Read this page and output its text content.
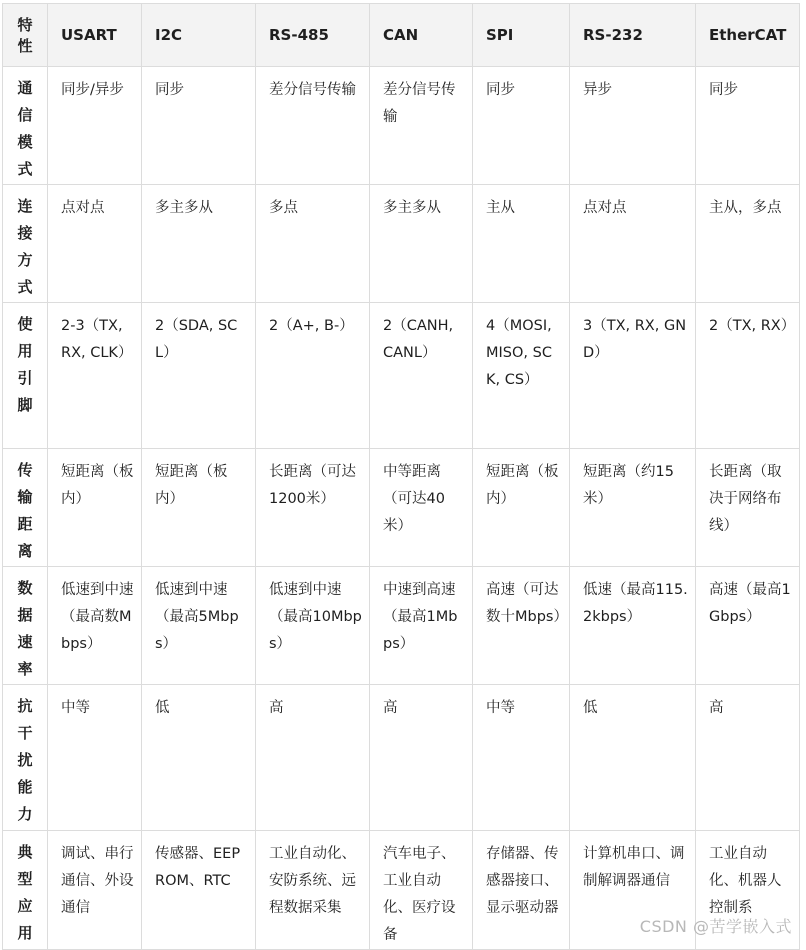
特
性	USART	I2C	RS-485	CAN	SPI	RS-232	EtherCAT

通
信
模
式	同步/异步	同步	差分信号传输	差分信号传输	同步	异步	同步

连
接
方
式	点对点	多主多从	多点	多主多从	主从	点对点	主从，多点

使
用
引
脚	2-3（TX, RX, CLK）	2（SDA, SCL）	2（A+, B-）	2（CANH, CANL）	4（MOSI, MISO, SCK, CS）	3（TX, RX, GND）	2（TX, RX）

传
输
距
离	短距离（板内）	短距离（板内）	长距离（可达1200米）	中等距离（可达40米）	短距离（板内）	短距离（约15米）	长距离（取决于网络布线）

数
据
速
率	低速到中速（最高数Mbps）	低速到中速（最高5Mbps）	低速到中速（最高10Mbps）	中速到高速（最高1Mbps）	高速（可达数十Mbps）	低速（最高115.2kbps）	高速（最高1Gbps）

抗
干
扰
能
力	中等	低	高	高	中等	低	高

典
型
应
用	调试、串行通信、外设通信	传感器、EEPROM、RTC	工业自动化、安防系统、远程数据采集	汽车电子、工业自动化、医疗设备	存储器、传感器接口、显示驱动器	计算机串口、调制解调器通信	工业自动化、机器人控制系
CSDN @苦学嵌入式
